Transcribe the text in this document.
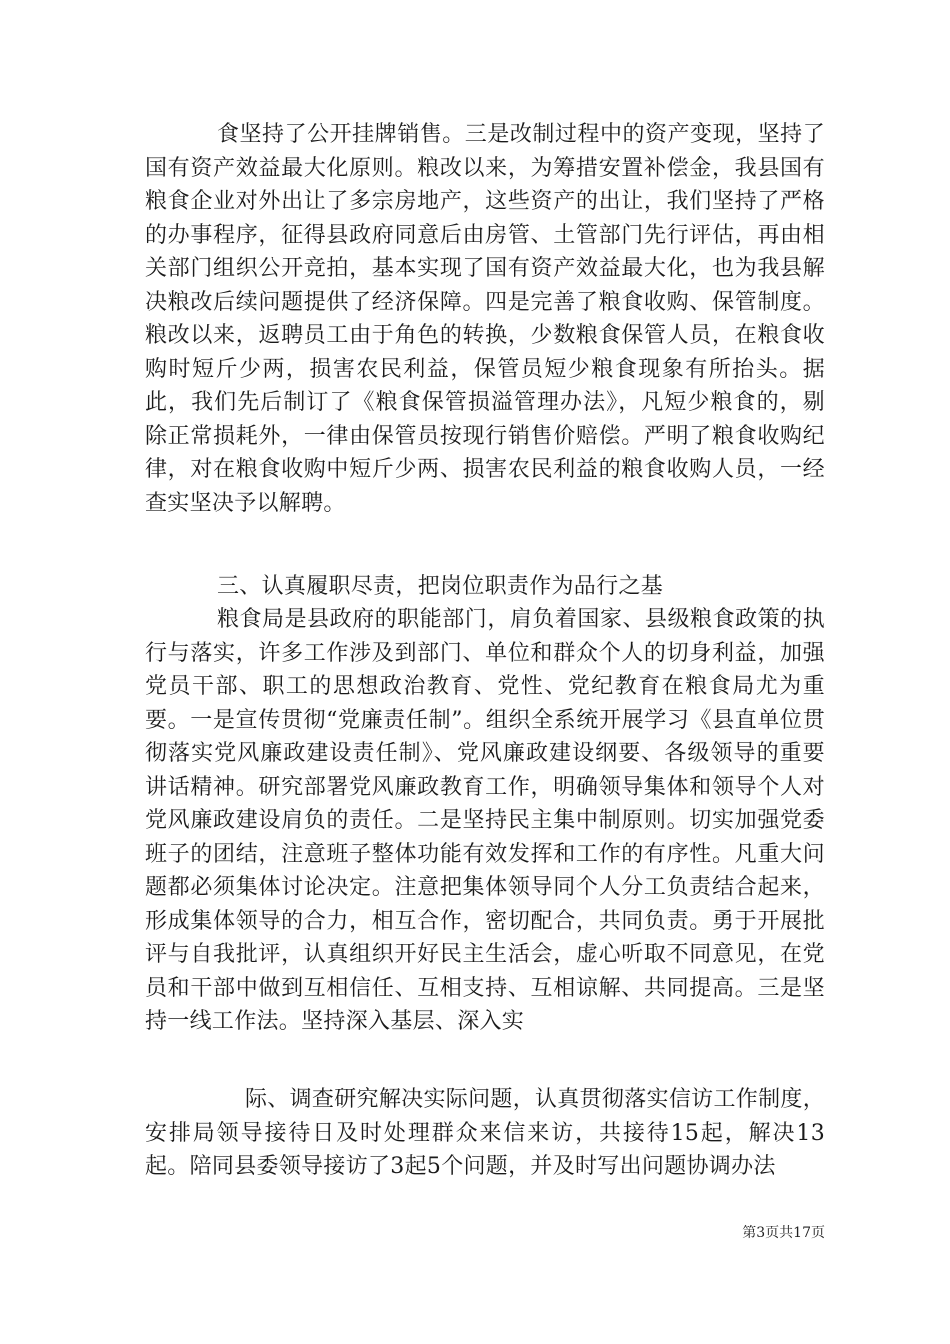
食坚持了公开挂牌销售。三是改制过程中的资产变现，坚持了国有资产效益最大化原则。粮改以来，为筹措安置补偿金，我县国有粮食企业对外出让了多宗房地产，这些资产的出让，我们坚持了严格的办事程序，征得县政府同意后由房管、土管部门先行评估，再由相关部门组织公开竞拍，基本实现了国有资产效益最大化，也为我县解决粮改后续问题提供了经济保障。四是完善了粮食收购、保管制度。粮改以来，返聘员工由于角色的转换，少数粮食保管人员，在粮食收购时短斤少两，损害农民利益，保管员短少粮食现象有所抬头。据此，我们先后制订了《粮食保管损溢管理办法》，凡短少粮食的，剔除正常损耗外，一律由保管员按现行销售价赔偿。严明了粮食收购纪律，对在粮食收购中短斤少两、损害农民利益的粮食收购人员，一经查实坚决予以解聘。

三、认真履职尽责，把岗位职责作为品行之基

粮食局是县政府的职能部门，肩负着国家、县级粮食政策的执行与落实，许多工作涉及到部门、单位和群众个人的切身利益，加强党员干部、职工的思想政治教育、党性、党纪教育在粮食局尤为重要。一是宣传贯彻“党廉责任制”。组织全系统开展学习《县直单位贯彻落实党风廉政建设责任制》、党风廉政建设纲要、各级领导的重要讲话精神。研究部署党风廉政教育工作，明确领导集体和领导个人对党风廉政建设肩负的责任。二是坚持民主集中制原则。切实加强党委班子的团结，注意班子整体功能有效发挥和工作的有序性。凡重大问题都必须集体讨论决定。注意把集体领导同个人分工负责结合起来，形成集体领导的合力，相互合作，密切配合，共同负责。勇于开展批评与自我批评，认真组织开好民主生活会，虚心听取不同意见，在党员和干部中做到互相信任、互相支持、互相谅解、共同提高。三是坚持一线工作法。坚持深入基层、深入实

际、调查研究解决实际问题，认真贯彻落实信访工作制度，安排局领导接待日及时处理群众来信来访，共接待15起，解决13起。陪同县委领导接访了3起5个问题，并及时写出问题协调办法

第3页共17页
